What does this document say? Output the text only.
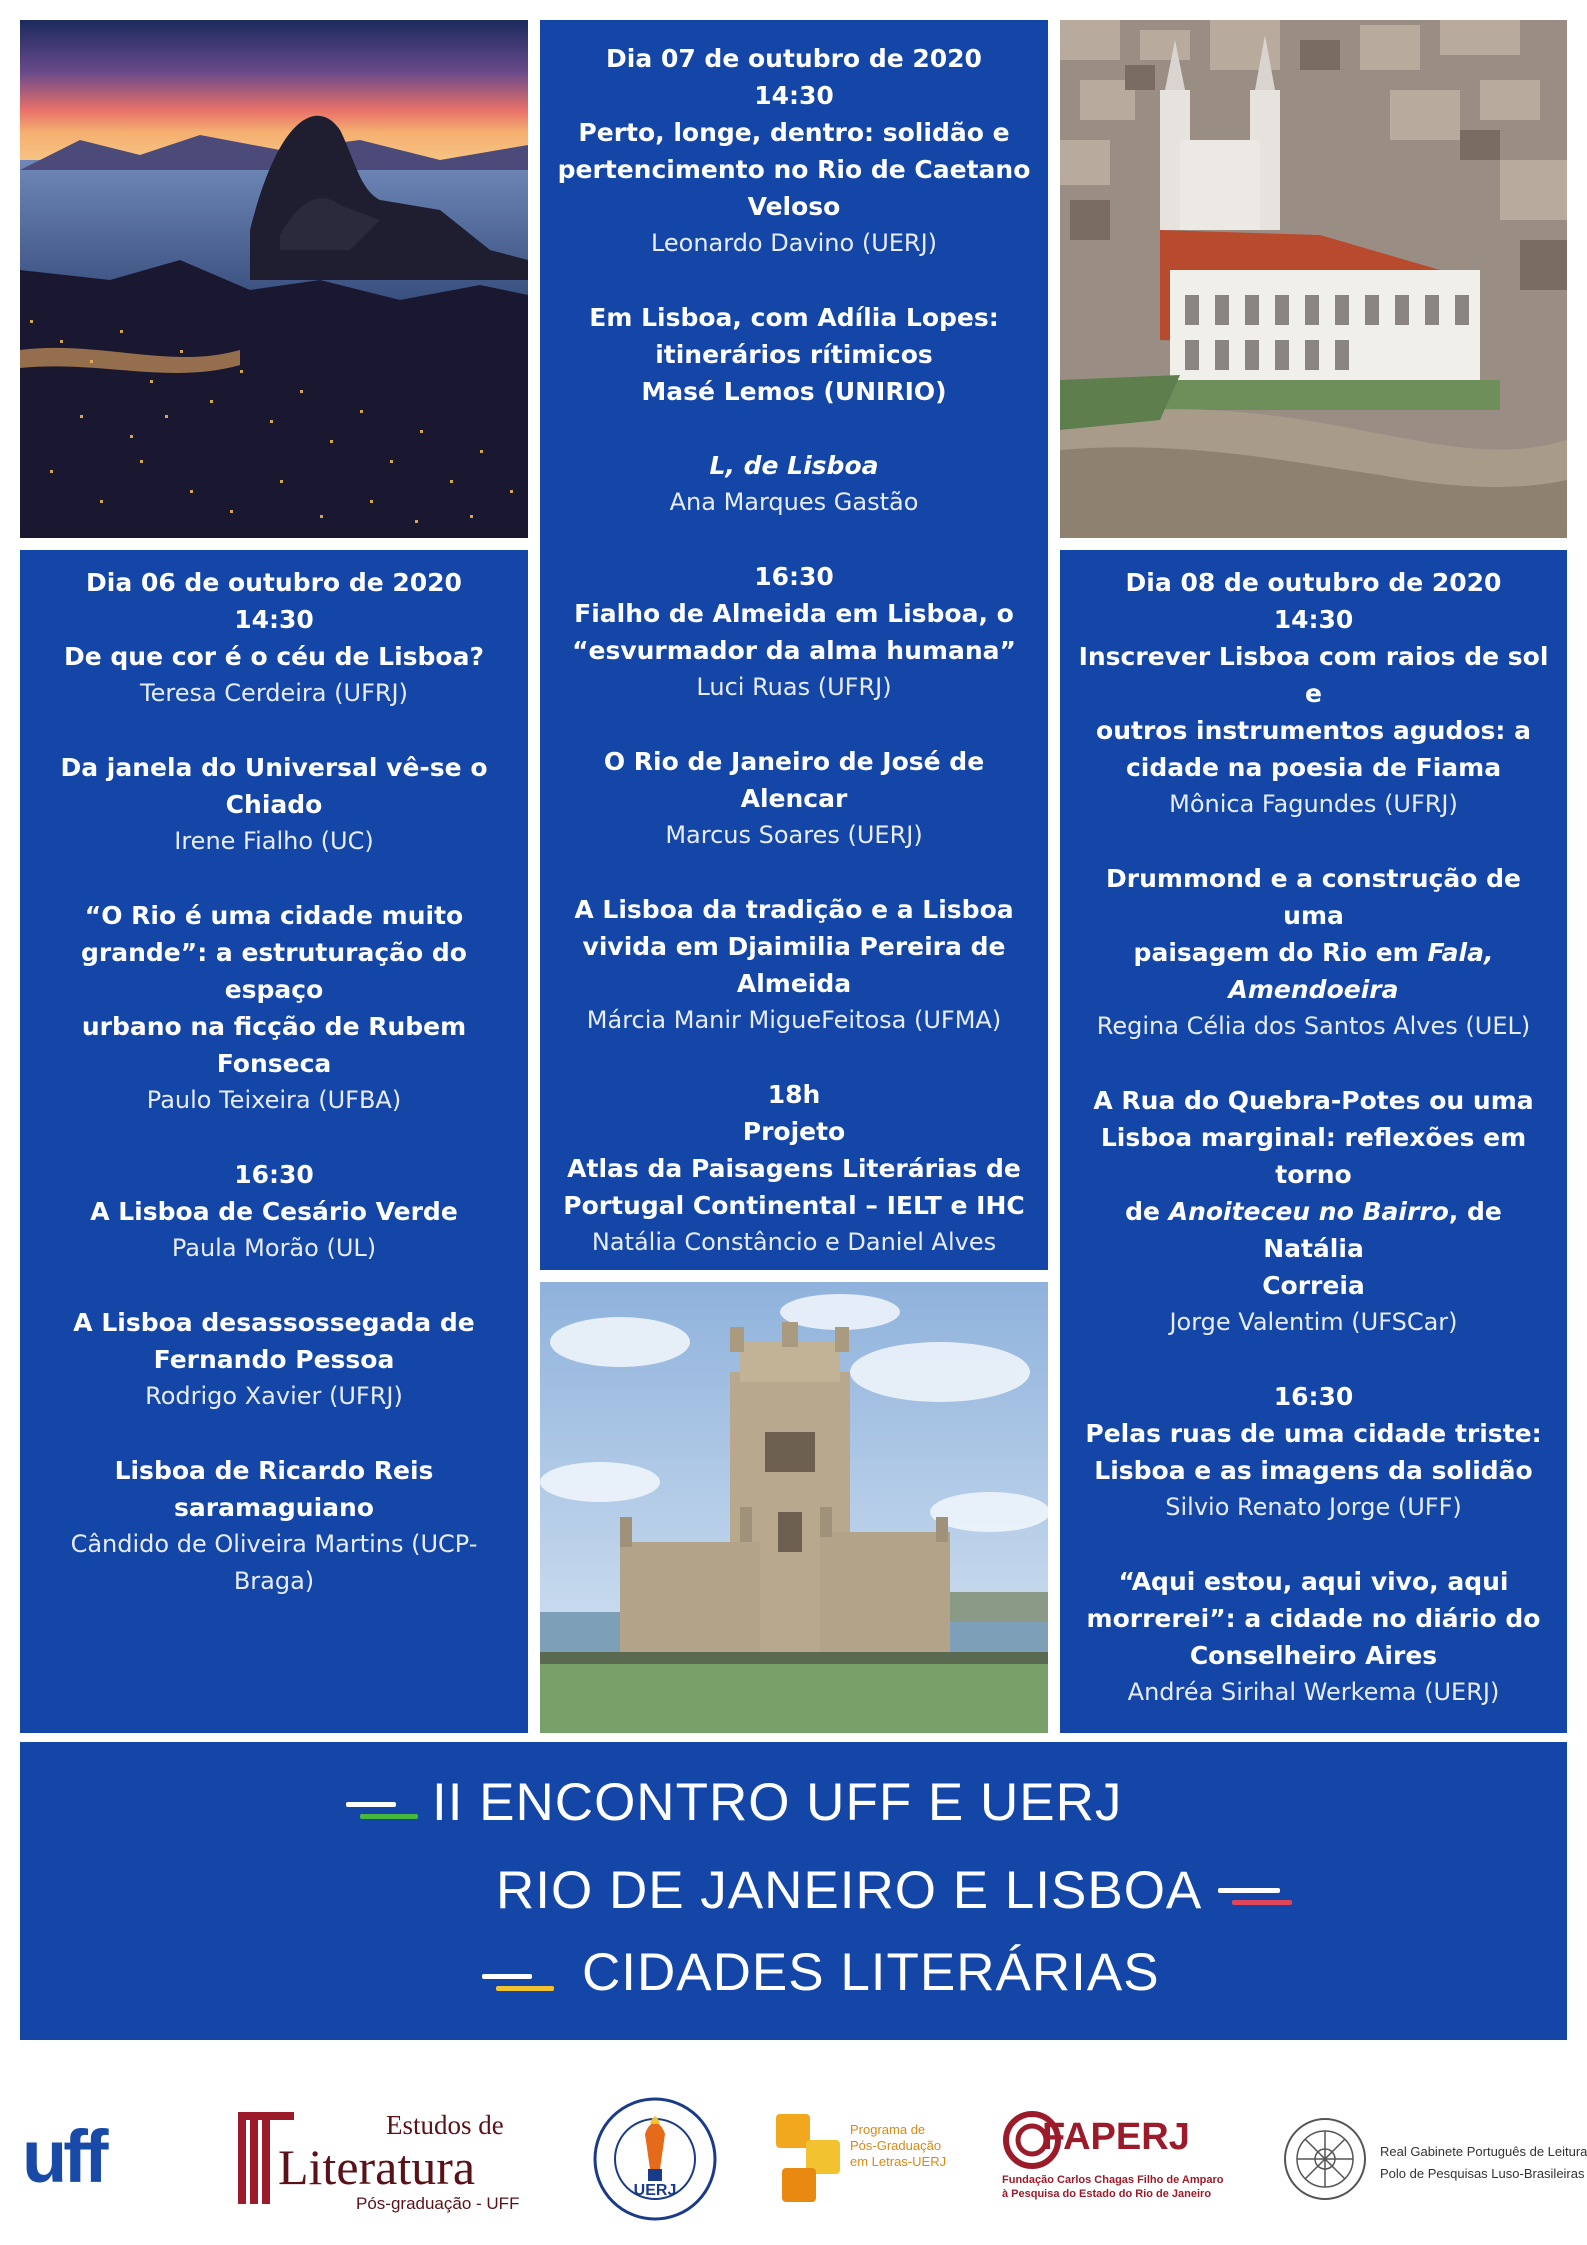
Dia 06 de outubro de 2020
14:30
De que cor é o céu de Lisboa?
Teresa Cerdeira (UFRJ)
Da janela do Universal vê-se o
Chiado
Irene Fialho (UC)
“O Rio é uma cidade muito
grande”: a estruturação do espaço
urbano na ficção de Rubem
Fonseca
Paulo Teixeira (UFBA)
16:30
A Lisboa de Cesário Verde
Paula Morão (UL)
A Lisboa desassossegada de
Fernando Pessoa
Rodrigo Xavier (UFRJ)
Lisboa de Ricardo Reis
saramaguiano
Cândido de Oliveira Martins (UCP-
Braga)
Dia 07 de outubro de 2020
14:30
Perto, longe, dentro: solidão e
pertencimento no Rio de Caetano
Veloso
Leonardo Davino (UERJ)
Em Lisboa, com Adília Lopes:
itinerários rítimicos
Masé Lemos (UNIRIO)
L, de Lisboa
Ana Marques Gastão
16:30
Fialho de Almeida em Lisboa, o
“esvurmador da alma humana”
Luci Ruas (UFRJ)
O Rio de Janeiro de José de Alencar
Marcus Soares (UERJ)
A Lisboa da tradição e a Lisboa
vivida em Djaimilia Pereira de
Almeida
Márcia Manir MigueFeitosa (UFMA)
18h
Projeto
Atlas da Paisagens Literárias de
Portugal Continental – IELT e IHC
Natália Constâncio e Daniel Alves
Dia 08 de outubro de 2020
14:30
Inscrever Lisboa com raios de sol e
outros instrumentos agudos: a
cidade na poesia de Fiama
Mônica Fagundes (UFRJ)
Drummond e a construção de uma
paisagem do Rio em Fala,
Amendoeira
Regina Célia dos Santos Alves (UEL)
A Rua do Quebra-Potes ou uma
Lisboa marginal: reflexões em torno
de Anoiteceu no Bairro, de Natália
Correia
Jorge Valentim (UFSCar)
16:30
Pelas ruas de uma cidade triste:
Lisboa e as imagens da solidão
Silvio Renato Jorge (UFF)
“Aqui estou, aqui vivo, aqui
morrerei”: a cidade no diário do
Conselheiro Aires
Andréa Sirihal Werkema (UERJ)
II ENCONTRO UFF E UERJ
RIO DE JANEIRO E LISBOA
CIDADES LITERÁRIAS
uff	Estudos de
Literatura
Pós-graduação - UFF
UERJ
Programa de
Pós-Graduação
em Letras-UERJ
FAPERJ
Fundação Carlos Chagas Filho de Amparo
à Pesquisa do Estado do Rio de Janeiro
Real Gabinete Português de Leitura
Polo de Pesquisas Luso-Brasileiras
